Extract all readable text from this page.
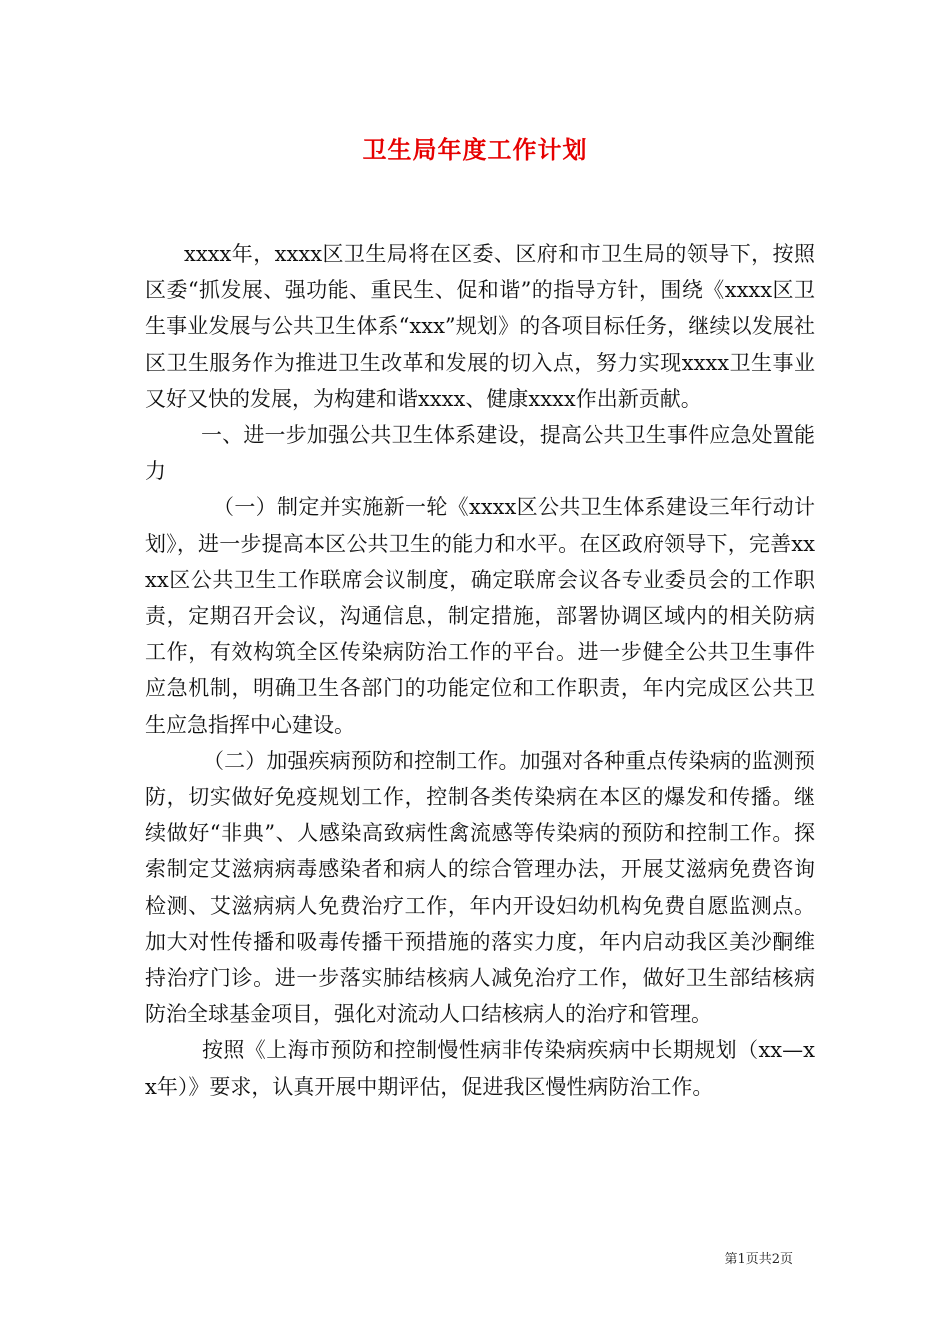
卫生局年度工作计划

xxxx年，xxxx区卫生局将在区委、区府和市卫生局的领导下，按照区委“抓发展、强功能、重民生、促和谐”的指导方针，围绕《xxxx区卫生事业发展与公共卫生体系“xxx”规划》的各项目标任务，继续以发展社区卫生服务作为推进卫生改革和发展的切入点，努力实现xxxx卫生事业又好又快的发展，为构建和谐xxxx、健康xxxx作出新贡献。

一、进一步加强公共卫生体系建设，提高公共卫生事件应急处置能力

（一）制定并实施新一轮《xxxx区公共卫生体系建设三年行动计划》，进一步提高本区公共卫生的能力和水平。在区政府领导下，完善xxxx区公共卫生工作联席会议制度，确定联席会议各专业委员会的工作职责，定期召开会议，沟通信息，制定措施，部署协调区域内的相关防病工作，有效构筑全区传染病防治工作的平台。进一步健全公共卫生事件应急机制，明确卫生各部门的功能定位和工作职责，年内完成区公共卫生应急指挥中心建设。

（二）加强疾病预防和控制工作。加强对各种重点传染病的监测预防，切实做好免疫规划工作，控制各类传染病在本区的爆发和传播。继续做好“非典”、人感染高致病性禽流感等传染病的预防和控制工作。探索制定艾滋病病毒感染者和病人的综合管理办法，开展艾滋病免费咨询检测、艾滋病病人免费治疗工作，年内开设妇幼机构免费自愿监测点。加大对性传播和吸毒传播干预措施的落实力度，年内启动我区美沙酮维持治疗门诊。进一步落实肺结核病人减免治疗工作，做好卫生部结核病防治全球基金项目，强化对流动人口结核病人的治疗和管理。

按照《上海市预防和控制慢性病非传染病疾病中长期规划（xx—xx年）》要求，认真开展中期评估，促进我区慢性病防治工作。

第1页共2页
